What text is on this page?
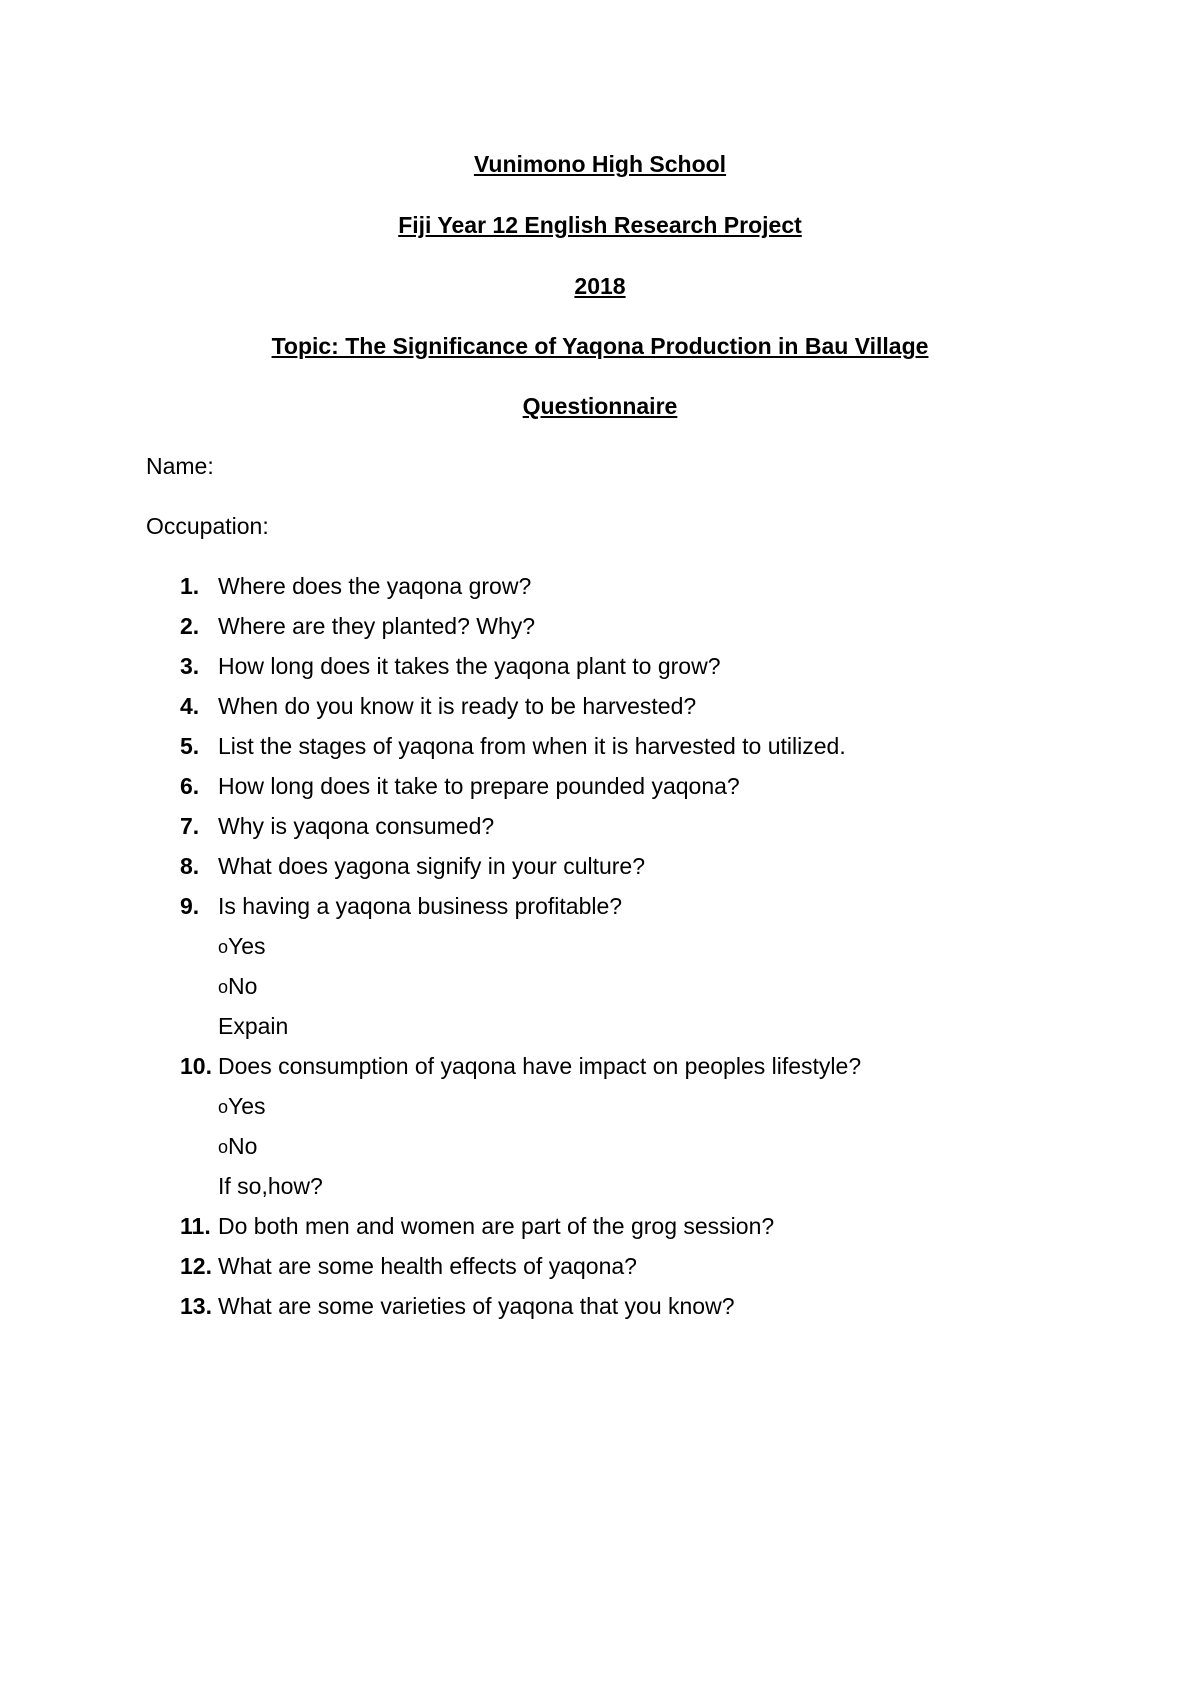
Vunimono High School
Fiji Year 12 English Research Project
2018
Topic: The Significance of Yaqona Production in Bau Village
Questionnaire
Name:
Occupation:
1. Where does the yaqona grow?
2. Where are they planted? Why?
3. How long does it takes the yaqona plant to grow?
4. When do you know it is ready to be harvested?
5. List the stages of yaqona from when it is harvested to utilized.
6. How long does it take to prepare pounded yaqona?
7. Why is yaqona consumed?
8. What does yagona signify in your culture?
9. Is having a yaqona business profitable?
oYes
oNo
Expain
10. Does consumption of yaqona have impact on peoples lifestyle?
oYes
oNo
If so,how?
11. Do both men and women are part of the grog session?
12. What are some health effects of yaqona?
13. What are some varieties of yaqona that you know?
